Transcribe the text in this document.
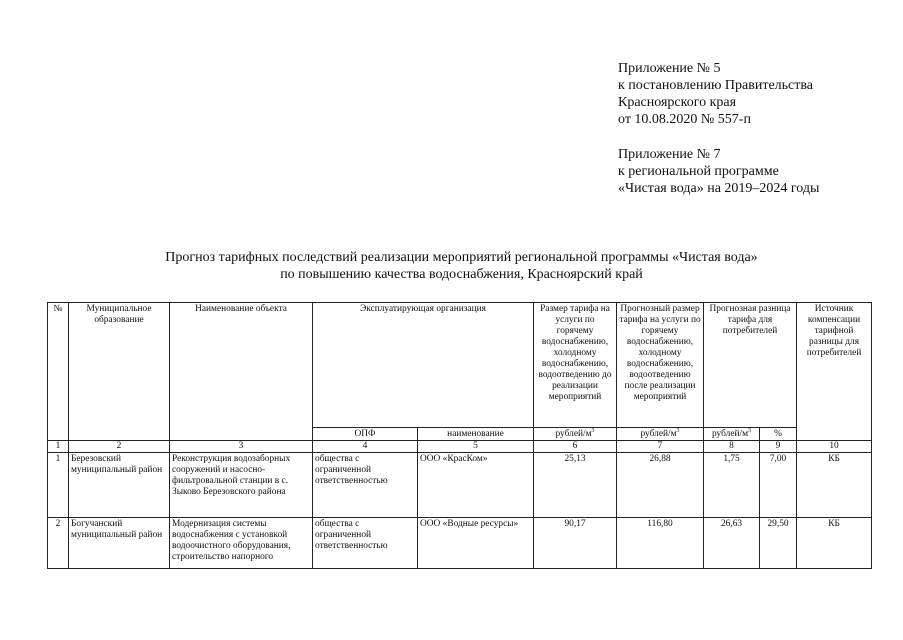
Приложение № 5
к постановлению Правительства
Красноярского края
от 10.08.2020 № 557-п
Приложение № 7
к региональной программе
«Чистая вода» на 2019–2024 годы
Прогноз тарифных последствий реализации мероприятий региональной программы «Чистая вода»
по повышению качества водоснабжения, Красноярский край
№	Муниципальное образование	Наименование объекта	Эксплуатирующая организация		Размер тарифа на услуги по горячему водоснабжению, холодному водоснабжению, водоотведению до реализации мероприятий	Прогнозный размер тарифа на услуги по горячему водоснабжению, холодному водоснабжению, водоотведению после реализации мероприятий	Прогнозная разница тарифа для потребителей		Источник компенсации тарифной разницы для потребителей
			ОПФ	наименование	рублей/$м^3$	рублей/$м^3$	рублей/$м^3$	%	
1	2	3	4	5	6	7	8	9	10
1	Березовский муниципальный район	Реконструкция водозаборных сооружений и насосно-фильтровальной станции в с. Зыково Березовского района	общества с ограниченной ответственностью	ООО «КрасКом»	25,13	26,88	1,75	7,00	КБ
2	Богучанский муниципальный район	Модернизация системы водоснабжения с установкой водоочистного оборудования, строительство напорного	общества с ограниченной ответственностью	ООО «Водные ресурсы»	90,17	116,80	26,63	29,50	КБ
